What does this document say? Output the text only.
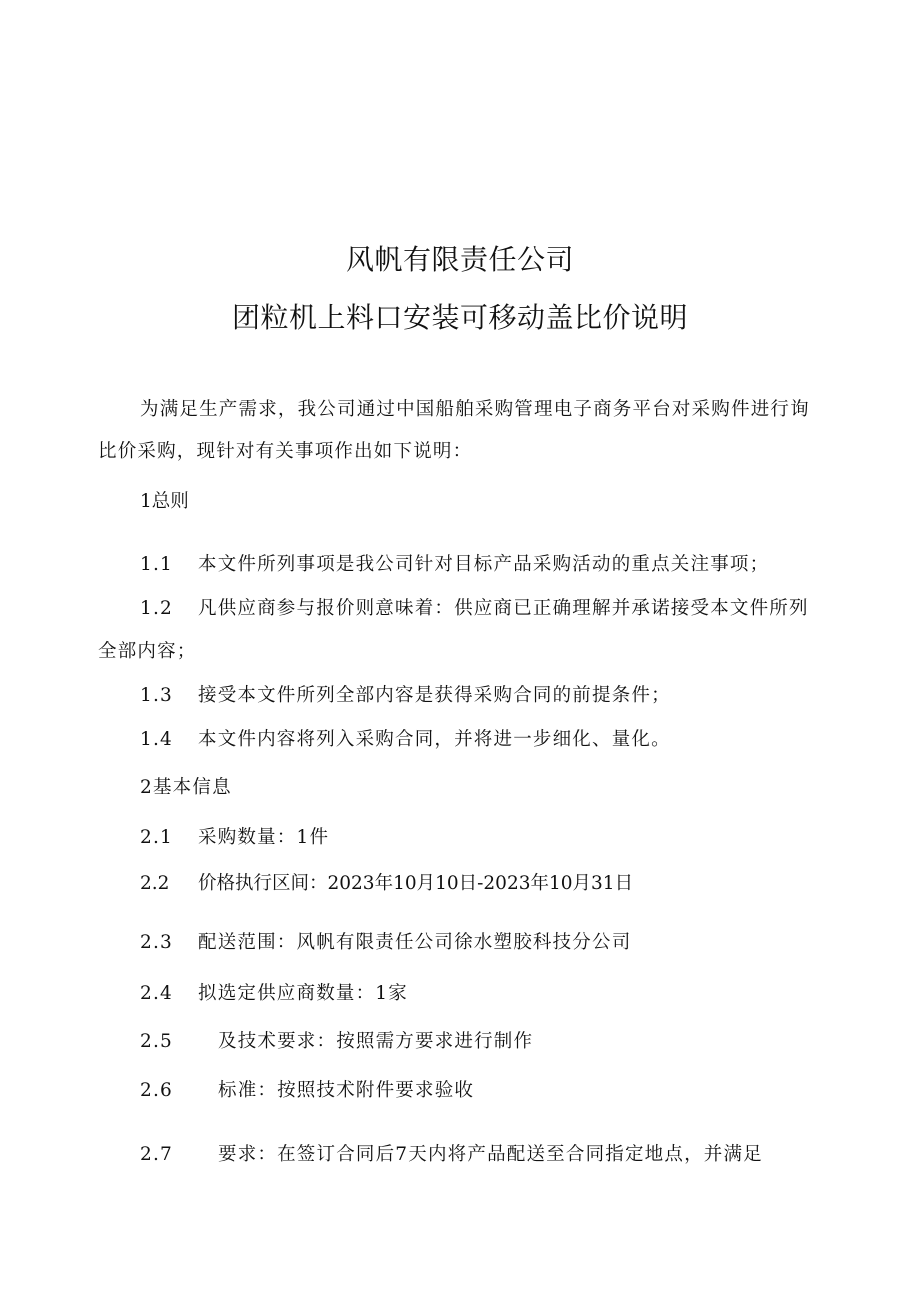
风帆有限责任公司
团粒机上料口安装可移动盖比价说明
为满足生产需求，我公司通过中国船舶采购管理电子商务平台对采购件进行询
比价采购，现针对有关事项作出如下说明：
1总则
1.1 本文件所列事项是我公司针对目标产品采购活动的重点关注事项；
1.2 凡供应商参与报价则意味着：供应商已正确理解并承诺接受本文件所列
全部内容；
1.3 接受本文件所列全部内容是获得采购合同的前提条件；
1.4 本文件内容将列入采购合同，并将进一步细化、量化。
2基本信息
2.1 采购数量：1件
2.2 价格执行区间：2023年10月10日-2023年10月31日
2.3 配送范围：风帆有限责任公司徐水塑胶科技分公司
2.4 拟选定供应商数量：1家
2.5 及技术要求：按照需方要求进行制作
2.6 标准：按照技术附件要求验收
2.7 要求：在签订合同后7天内将产品配送至合同指定地点，并满足
